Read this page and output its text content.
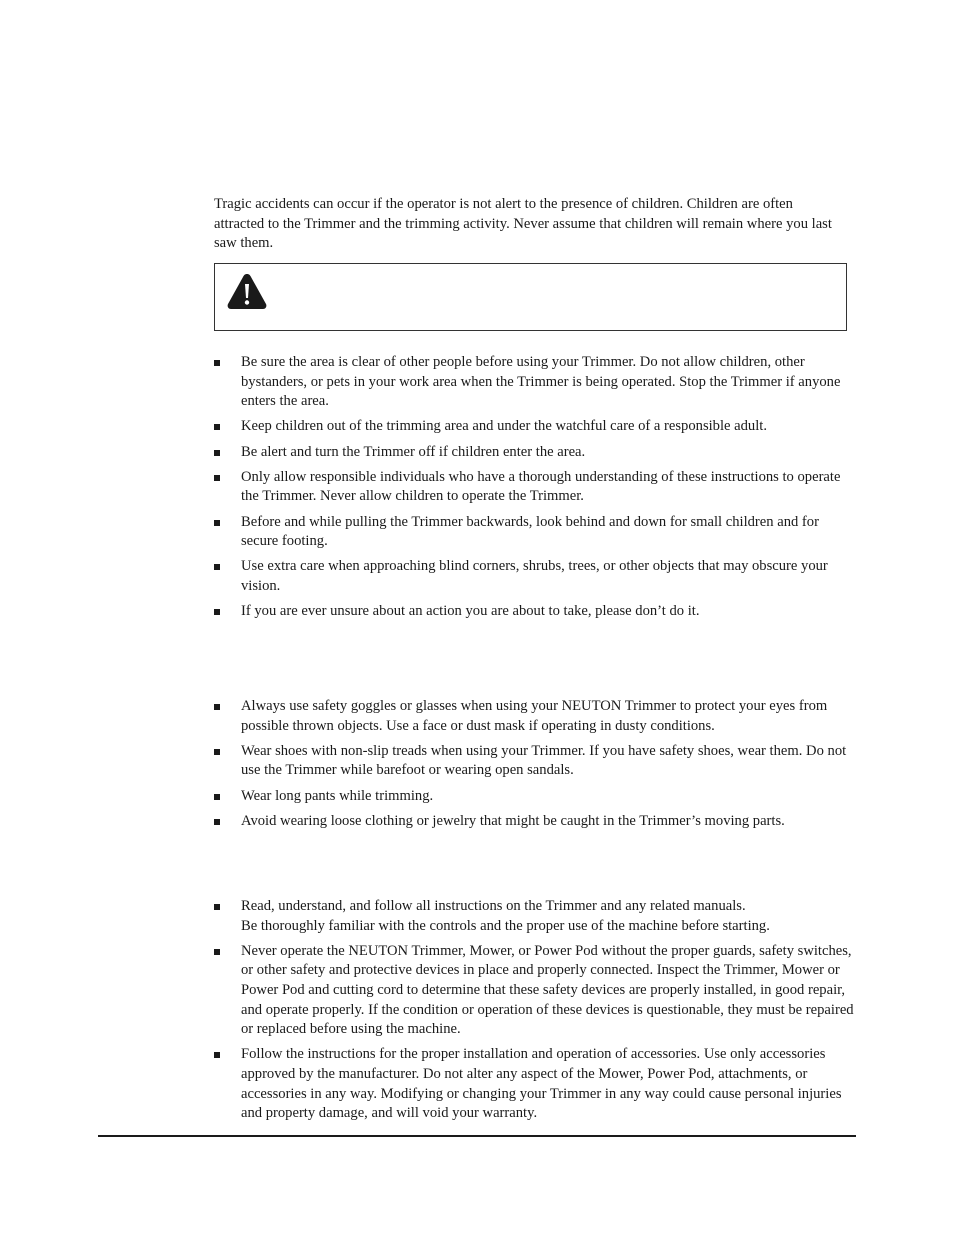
Tragic accidents can occur if the operator is not alert to the presence of children. Children are often attracted to the Trimmer and the trimming activity. Never assume that children will remain where you last saw them.

Be sure the area is clear of other people before using your Trimmer. Do not allow children, other bystanders, or pets in your work area when the Trimmer is being operated. Stop the Trimmer if anyone enters the area.
Keep children out of the trimming area and under the watchful care of a responsible adult.
Be alert and turn the Trimmer off if children enter the area.
Only allow responsible individuals who have a thorough understanding of these instructions to operate the Trimmer. Never allow children to operate the Trimmer.
Before and while pulling the Trimmer backwards, look behind and down for small children and for secure footing.
Use extra care when approaching blind corners, shrubs, trees, or other objects that may obscure your vision.
If you are ever unsure about an action you are about to take, please don’t do it.
Always use safety goggles or glasses when using your NEUTON Trimmer to protect your eyes from possible thrown objects. Use a face or dust mask if operating in dusty conditions.
Wear shoes with non-slip treads when using your Trimmer. If you have safety shoes, wear them. Do not use the Trimmer while barefoot or wearing open sandals.
Wear long pants while trimming.
Avoid wearing loose clothing or jewelry that might be caught in the Trimmer’s moving parts.
Read, understand, and follow all instructions on the Trimmer and any related manuals.
Be thoroughly familiar with the controls and the proper use of the machine before starting.
Never operate the NEUTON Trimmer, Mower, or Power Pod without the proper guards, safety switches, or other safety and protective devices in place and properly connected. Inspect the Trimmer, Mower or Power Pod and cutting cord to determine that these safety devices are properly installed, in good repair, and operate properly. If the condition or operation of these devices is questionable, they must be repaired or replaced before using the machine.
Follow the instructions for the proper installation and operation of accessories. Use only accessories approved by the manufacturer. Do not alter any aspect of the Mower, Power Pod, attachments, or accessories in any way. Modifying or changing your Trimmer in any way could cause personal injuries and property damage, and will void your warranty.
